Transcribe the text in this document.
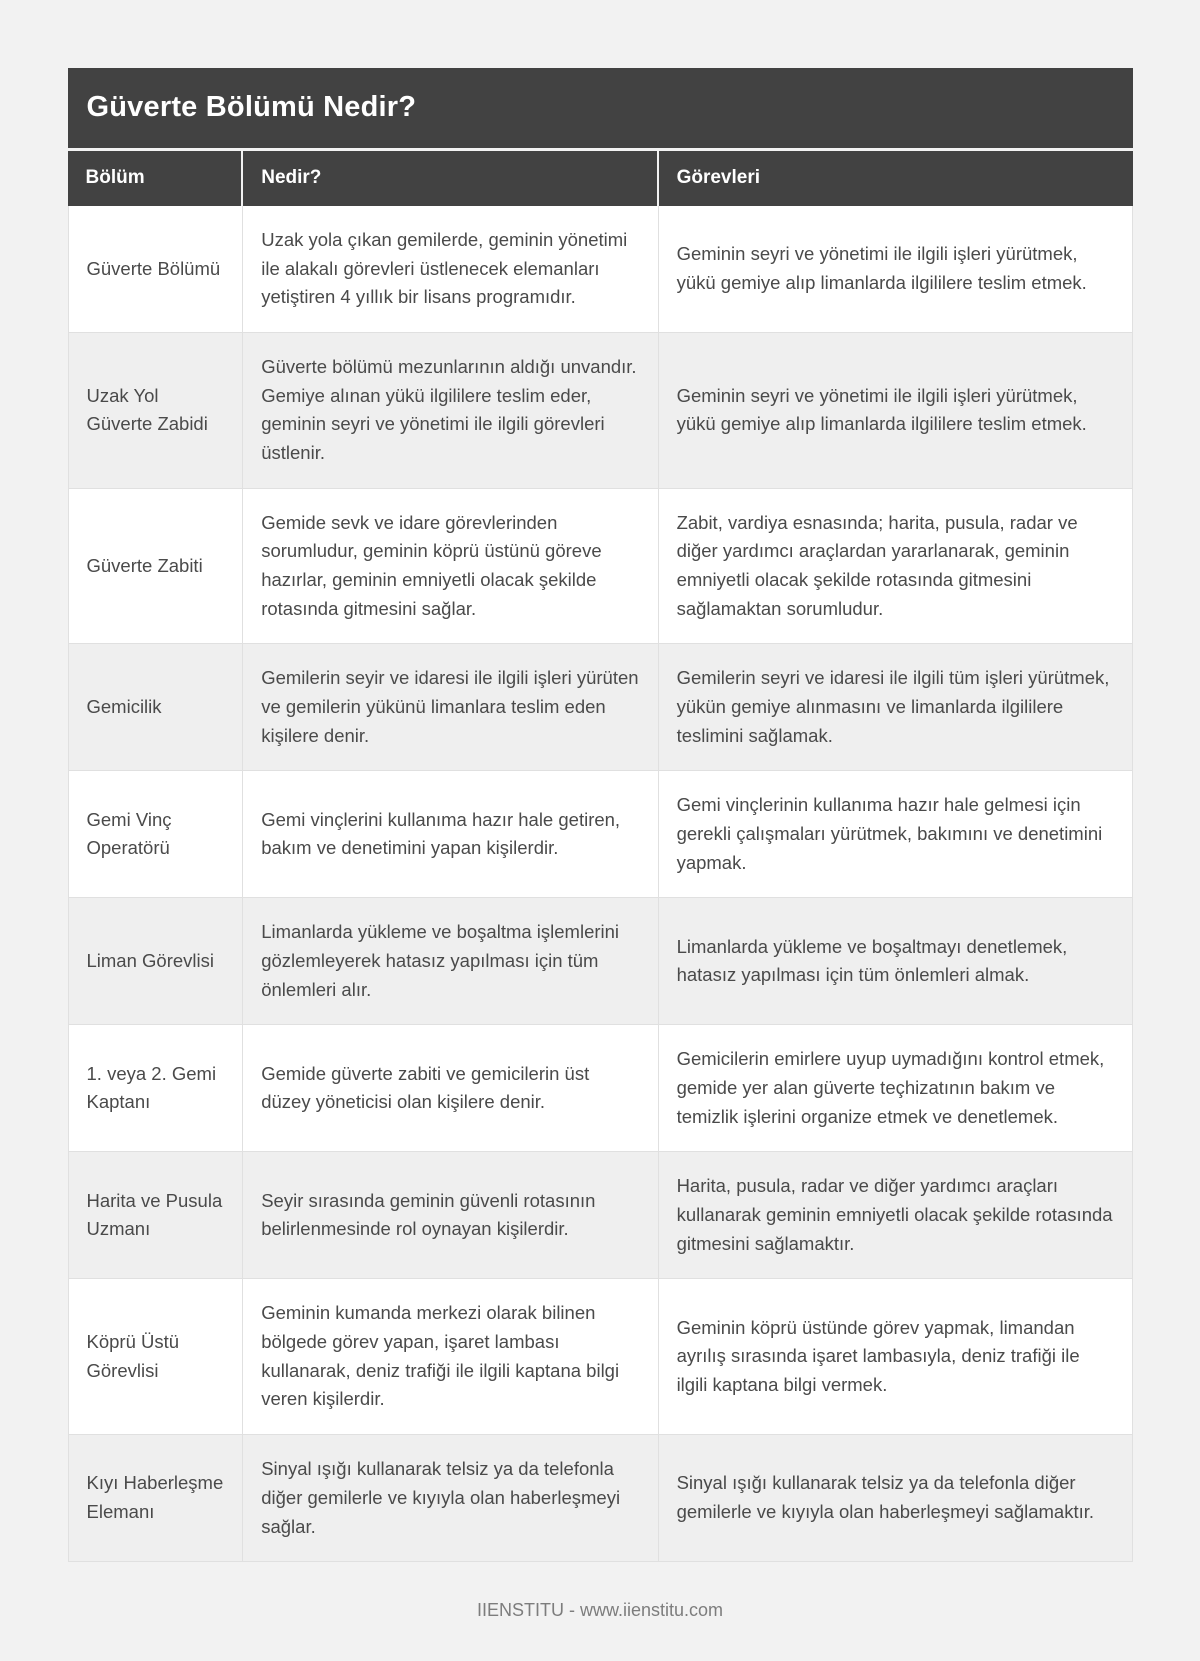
Güverte Bölümü Nedir?
Bölüm	Nedir?	Görevleri
Güverte Bölümü	Uzak yola çıkan gemilerde, geminin yönetimi ile alakalı görevleri üstlenecek elemanları yetiştiren 4 yıllık bir lisans programıdır.	Geminin seyri ve yönetimi ile ilgili işleri yürütmek, yükü gemiye alıp limanlarda ilgililere teslim etmek.
Uzak Yol Güverte Zabidi	Güverte bölümü mezunlarının aldığı unvandır. Gemiye alınan yükü ilgililere teslim eder, geminin seyri ve yönetimi ile ilgili görevleri üstlenir.	Geminin seyri ve yönetimi ile ilgili işleri yürütmek, yükü gemiye alıp limanlarda ilgililere teslim etmek.
Güverte Zabiti	Gemide sevk ve idare görevlerinden sorumludur, geminin köprü üstünü göreve hazırlar, geminin emniyetli olacak şekilde rotasında gitmesini sağlar.	Zabit, vardiya esnasında; harita, pusula, radar ve diğer yardımcı araçlardan yararlanarak, geminin emniyetli olacak şekilde rotasında gitmesini sağlamaktan sorumludur.
Gemicilik	Gemilerin seyir ve idaresi ile ilgili işleri yürüten ve gemilerin yükünü limanlara teslim eden kişilere denir.	Gemilerin seyri ve idaresi ile ilgili tüm işleri yürütmek, yükün gemiye alınmasını ve limanlarda ilgililere teslimini sağlamak.
Gemi Vinç Operatörü	Gemi vinçlerini kullanıma hazır hale getiren, bakım ve denetimini yapan kişilerdir.	Gemi vinçlerinin kullanıma hazır hale gelmesi için gerekli çalışmaları yürütmek, bakımını ve denetimini yapmak.
Liman Görevlisi	Limanlarda yükleme ve boşaltma işlemlerini gözlemleyerek hatasız yapılması için tüm önlemleri alır.	Limanlarda yükleme ve boşaltmayı denetlemek, hatasız yapılması için tüm önlemleri almak.
1. veya 2. Gemi Kaptanı	Gemide güverte zabiti ve gemicilerin üst düzey yöneticisi olan kişilere denir.	Gemicilerin emirlere uyup uymadığını kontrol etmek, gemide yer alan güverte teçhizatının bakım ve temizlik işlerini organize etmek ve denetlemek.
Harita ve Pusula Uzmanı	Seyir sırasında geminin güvenli rotasının belirlenmesinde rol oynayan kişilerdir.	Harita, pusula, radar ve diğer yardımcı araçları kullanarak geminin emniyetli olacak şekilde rotasında gitmesini sağlamaktır.
Köprü Üstü Görevlisi	Geminin kumanda merkezi olarak bilinen bölgede görev yapan, işaret lambası kullanarak, deniz trafiği ile ilgili kaptana bilgi veren kişilerdir.	Geminin köprü üstünde görev yapmak, limandan ayrılış sırasında işaret lambasıyla, deniz trafiği ile ilgili kaptana bilgi vermek.
Kıyı Haberleşme Elemanı	Sinyal ışığı kullanarak telsiz ya da telefonla diğer gemilerle ve kıyıyla olan haberleşmeyi sağlar.	Sinyal ışığı kullanarak telsiz ya da telefonla diğer gemilerle ve kıyıyla olan haberleşmeyi sağlamaktır.
IIENSTITU - www.iienstitu.com
